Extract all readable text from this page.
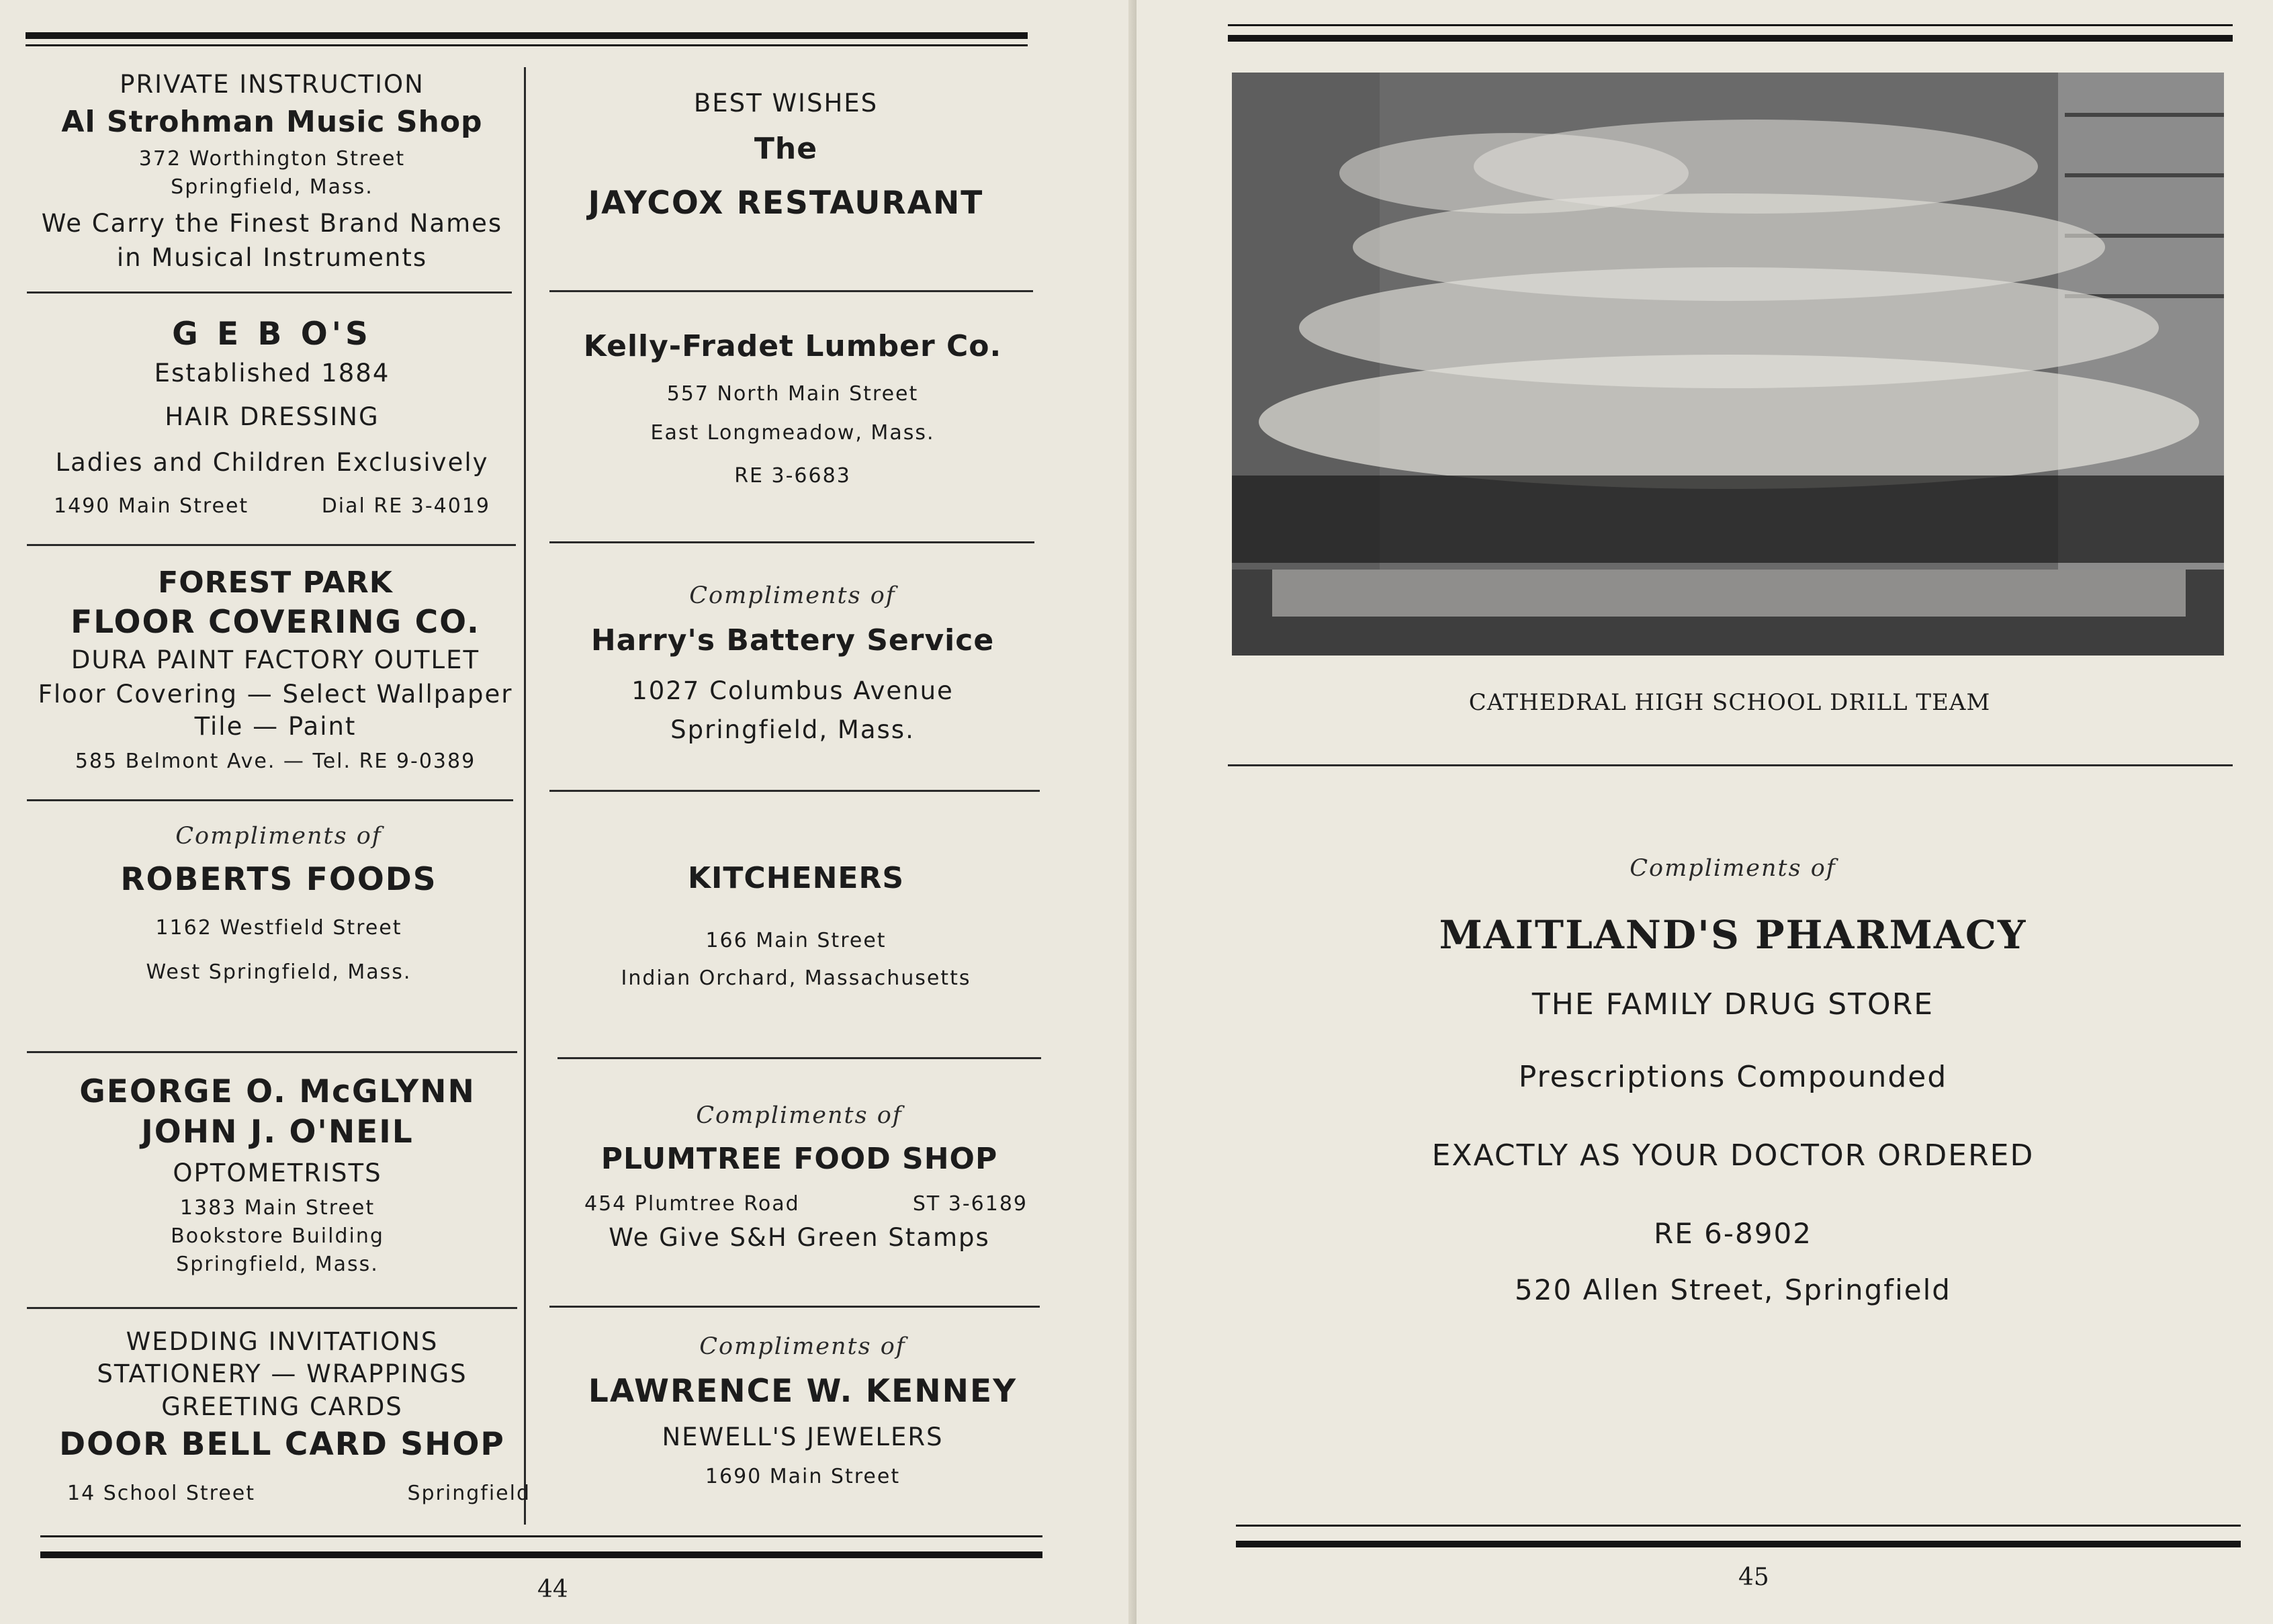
PRIVATE INSTRUCTION
Al Strohman Music Shop
372 Worthington Street
Springfield, Mass.
We Carry the Finest Brand Names
in Musical Instruments
G E B O'S
Established 1884
HAIR DRESSING
Ladies and Children Exclusively
1490 Main Street	Dial RE 3-4019
FOREST PARK
FLOOR COVERING CO.
DURA PAINT FACTORY OUTLET
Floor Covering — Select Wallpaper
Tile — Paint
585 Belmont Ave. — Tel. RE 9-0389
Compliments of
ROBERTS FOODS
1162 Westfield Street
West Springfield, Mass.
GEORGE O. McGLYNN
JOHN J. O'NEIL
OPTOMETRISTS
1383 Main Street
Bookstore Building
Springfield, Mass.
WEDDING INVITATIONS
STATIONERY — WRAPPINGS
GREETING CARDS
DOOR BELL CARD SHOP
14 School Street	Springfield
BEST WISHES
The
JAYCOX RESTAURANT
Kelly-Fradet Lumber Co.
557 North Main Street
East Longmeadow, Mass.
RE 3-6683
Compliments of
Harry's Battery Service
1027 Columbus Avenue
Springfield, Mass.
KITCHENERS
166 Main Street
Indian Orchard, Massachusetts
Compliments of
PLUMTREE FOOD SHOP
454 Plumtree Road	ST 3-6189
We Give S&H Green Stamps
Compliments of
LAWRENCE W. KENNEY
NEWELL'S JEWELERS
1690 Main Street
44
CATHEDRAL HIGH SCHOOL DRILL TEAM
Compliments of
MAITLAND'S PHARMACY
THE FAMILY DRUG STORE
Prescriptions Compounded
EXACTLY AS YOUR DOCTOR ORDERED
RE 6-8902
520 Allen Street, Springfield
45
